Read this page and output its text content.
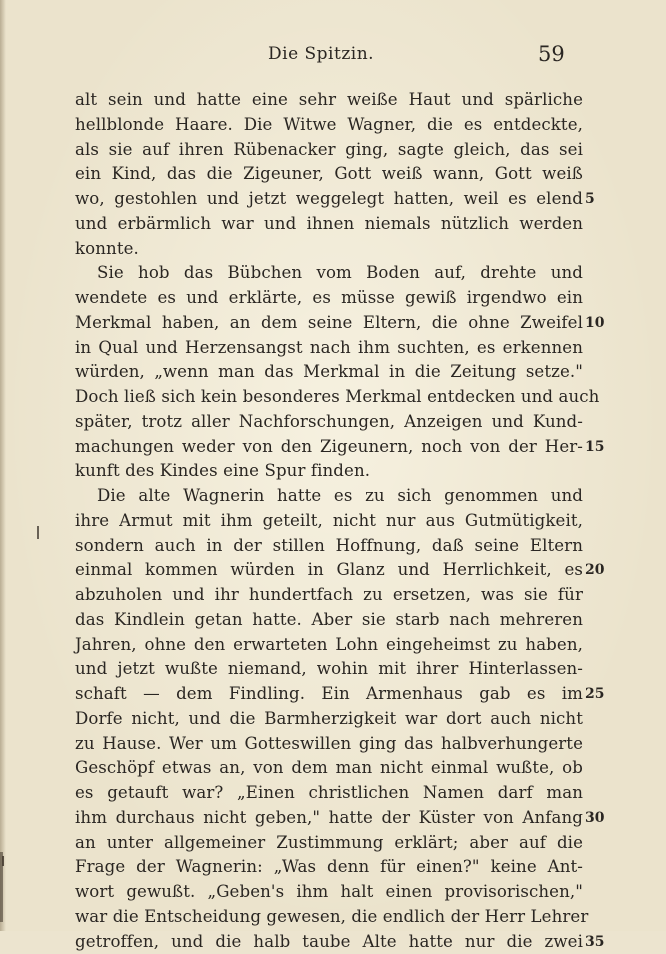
Die Spitzin.	59
alt sein und hatte eine sehr weiße Haut und spärliche
hellblonde Haare. Die Witwe Wagner, die es entdeckte,
als sie auf ihren Rübenacker ging, sagte gleich, das sei
ein Kind, das die Zigeuner, Gott weiß wann, Gott weiß
wo, gestohlen und jetzt weggelegt hatten, weil es elend
und erbärmlich war und ihnen niemals nützlich werden
konnte.
Sie hob das Bübchen vom Boden auf, drehte und
wendete es und erklärte, es müsse gewiß irgendwo ein
Merkmal haben, an dem seine Eltern, die ohne Zweifel
in Qual und Herzensangst nach ihm suchten, es erkennen
würden, „wenn man das Merkmal in die Zeitung setze."
Doch ließ sich kein besonderes Merkmal entdecken und auch
später, trotz aller Nachforschungen, Anzeigen und Kund-
machungen weder von den Zigeunern, noch von der Her-
kunft des Kindes eine Spur finden.
Die alte Wagnerin hatte es zu sich genommen und
ihre Armut mit ihm geteilt, nicht nur aus Gutmütigkeit,
sondern auch in der stillen Hoffnung, daß seine Eltern
einmal kommen würden in Glanz und Herrlichkeit, es
abzuholen und ihr hundertfach zu ersetzen, was sie für
das Kindlein getan hatte. Aber sie starb nach mehreren
Jahren, ohne den erwarteten Lohn eingeheimst zu haben,
und jetzt wußte niemand, wohin mit ihrer Hinterlassen-
schaft — dem Findling. Ein Armenhaus gab es im
Dorfe nicht, und die Barmherzigkeit war dort auch nicht
zu Hause. Wer um Gotteswillen ging das halbverhungerte
Geschöpf etwas an, von dem man nicht einmal wußte, ob
es getauft war? „Einen christlichen Namen darf man
ihm durchaus nicht geben," hatte der Küster von Anfang
an unter allgemeiner Zustimmung erklärt; aber auf die
Frage der Wagnerin: „Was denn für einen?" keine Ant-
wort gewußt. „Geben's ihm halt einen provisorischen,"
war die Entscheidung gewesen, die endlich der Herr Lehrer
getroffen, und die halb taube Alte hatte nur die zwei
5
10
15
20
25
30
35
